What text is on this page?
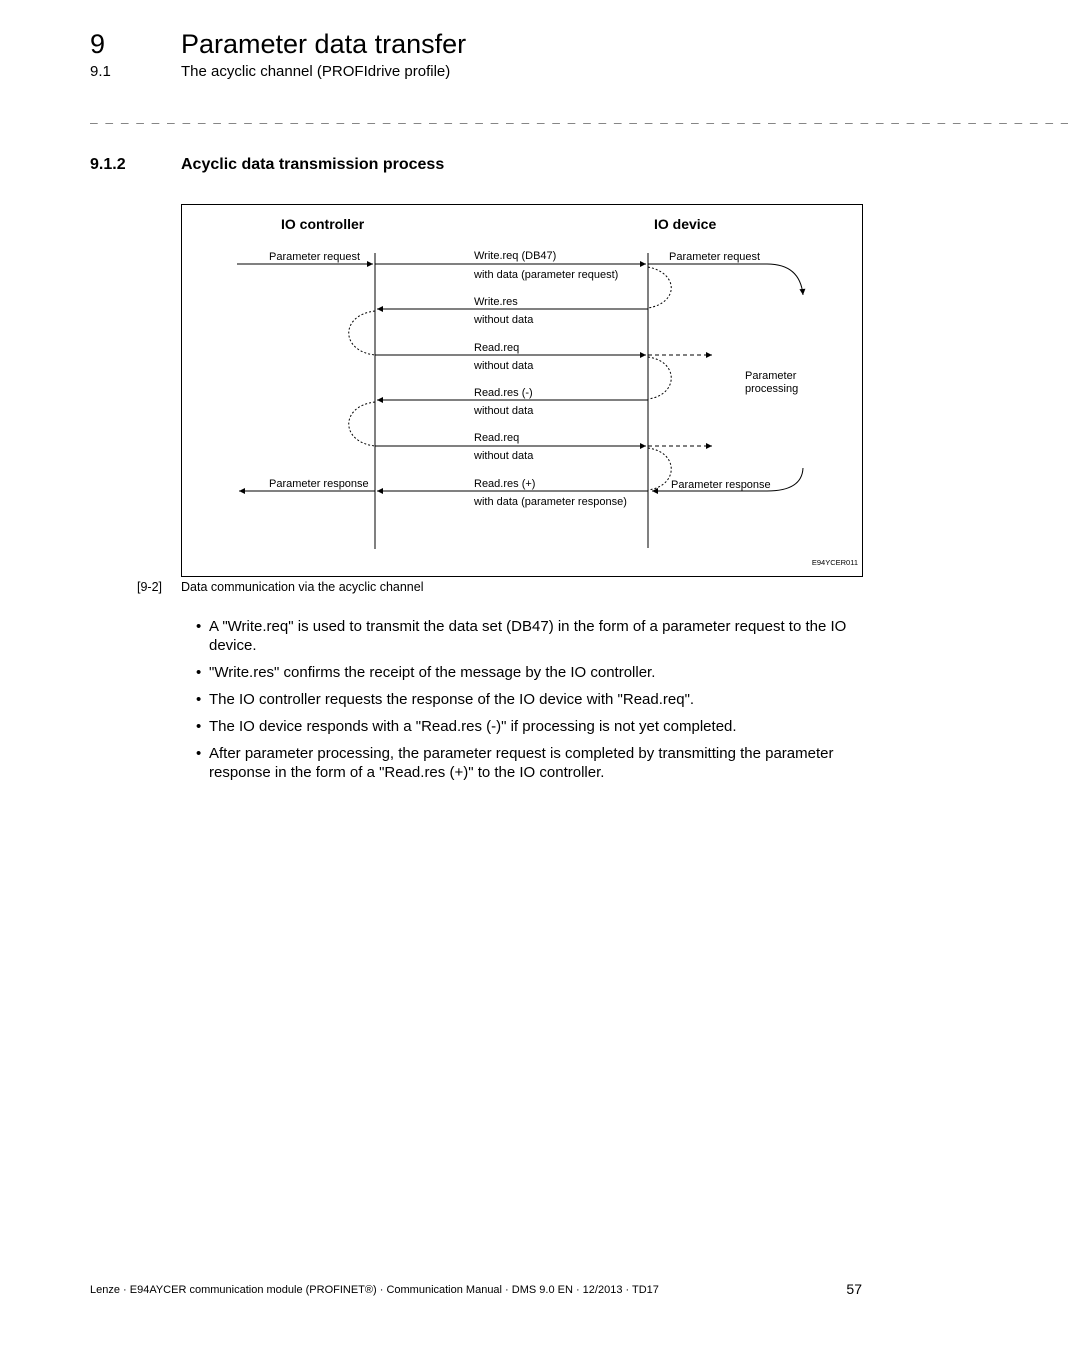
9	Parameter data transfer
9.1	The acyclic channel (PROFIdrive profile)
_ _ _ _ _ _ _ _ _ _ _ _ _ _ _ _ _ _ _ _ _ _ _ _ _ _ _ _ _ _ _ _ _ _ _ _ _ _ _ _ _ _ _ _ _ _ _ _ _ _ _ _ _ _ _ _ _ _ _ _ _ _ _ _
9.1.2	Acyclic data transmission process
IO controller	IO device
Parameter request	Write.req (DB47)
with data (parameter request)
Parameter request
Write.res
without data
Read.req
without data
Parameter
processing
Read.res (-)
without data
Read.req
without data
Parameter response
Read.res (+)
with data (parameter response)
Parameter response
E94YCER011
[9-2] Data communication via the acyclic channel
• A "Write.req" is used to transmit the data set (DB47) in the form of a parameter request to the IO device.
• "Write.res" confirms the receipt of the message by the IO controller.
• The IO controller requests the response of the IO device with "Read.req".
• The IO device responds with a "Read.res (-)" if processing is not yet completed.
• After parameter processing, the parameter request is completed by transmitting the parameter response in the form of a "Read.res (+)" to the IO controller.
Lenze · E94AYCER communication module (PROFINET®) · Communication Manual · DMS 9.0 EN · 12/2013 · TD17	57
